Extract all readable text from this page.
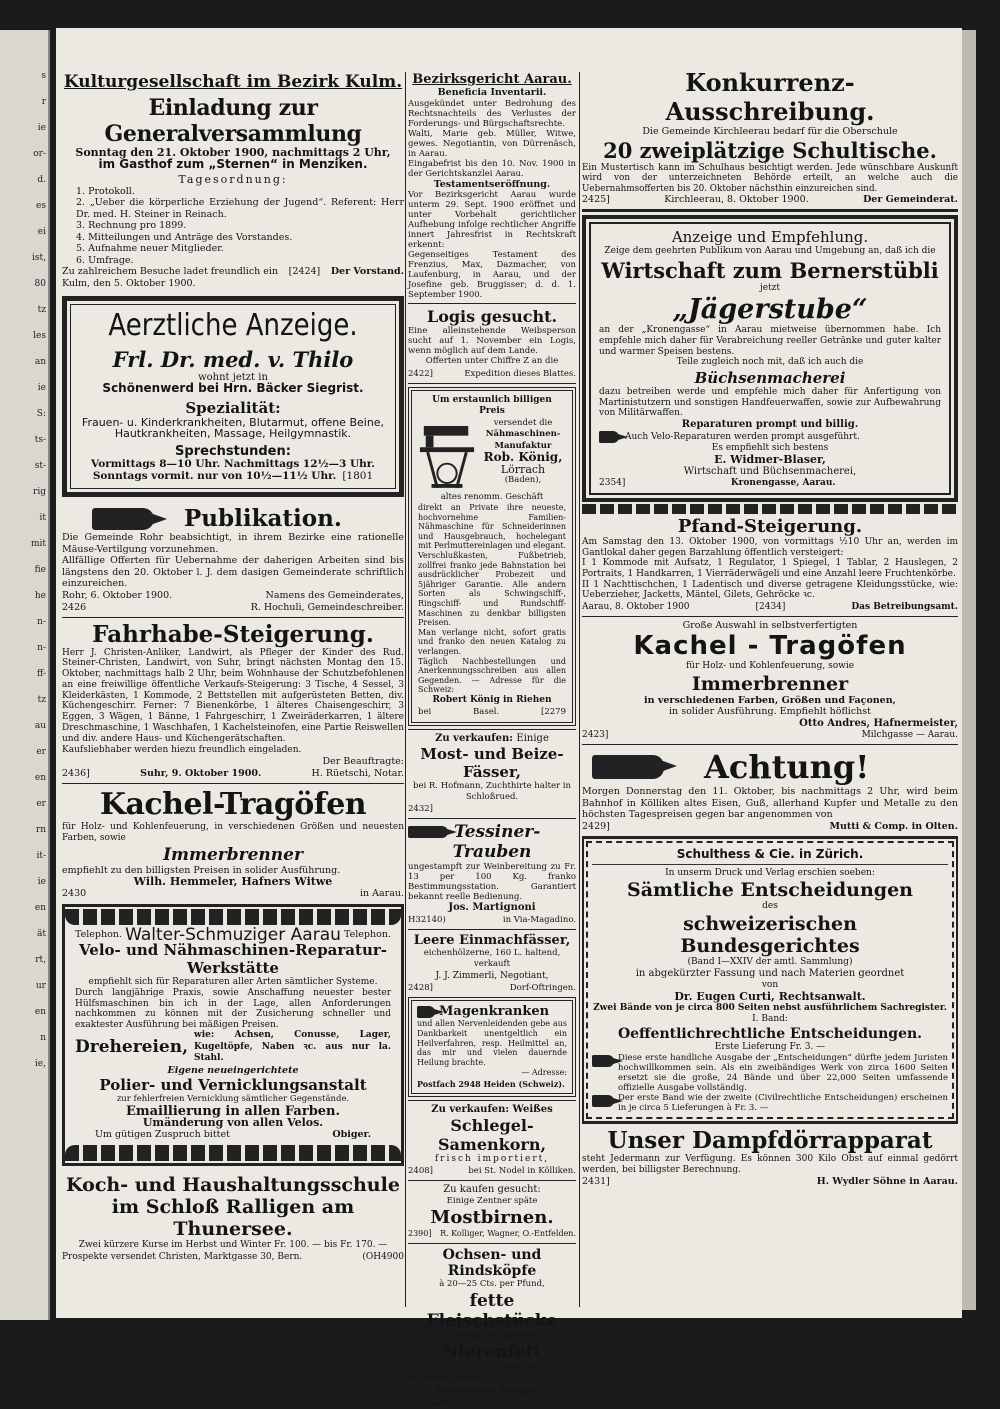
s
r
ie
or-
d.
es
ei
ist,
80
tz
les
an
ie
S:
ts-
st-
rig
it
mit
fie
he
n-
n-
ff-
tz
au
er
en
er
rn
it-
ie
en
ät
rt,
ur
en
n
ie,

Kulturgesellschaft im Bezirk Kulm.

Einladung zur Generalversammlung

Sonntag den 21. Oktober 1900, nachmittags 2 Uhr,

im Gasthof zum „Sternen“ in Menziken.

Tagesordnung:

1. Protokoll.

2. „Ueber die körperliche Erziehung der Jugend“. Referent: Herr Dr. med. H. Steiner in Reinach.

3. Rechnung pro 1899.

4. Mitteilungen und Anträge des Vorstandes.

5. Aufnahme neuer Mitglieder.

6. Umfrage.

Zu zahlreichem Besuche ladet freundlich ein [2424] Der Vorstand.

Kulm, den 5. Oktober 1900.

Aerztliche Anzeige.

Frl. Dr. med. v. Thilo

wohnt jetzt in

Schönenwerd bei Hrn. Bäcker Siegrist.

Spezialität:

Frauen- u. Kinderkrankheiten, Blutarmut, offene Beine,

Hautkrankheiten, Massage, Heilgymnastik.

Sprechstunden:

Vormittags 8—10 Uhr. Nachmittags 12½—3 Uhr.

Sonntags vormit. nur von 10½—11½ Uhr. [1801

Publikation.

Die Gemeinde Rohr beabsichtigt, in ihrem Bezirke eine rationelle Mäuse-Vertilgung vorzunehmen.

Allfällige Offerten für Uebernahme der daherigen Arbeiten sind bis längstens den 20. Oktober l. J. dem dasigen Gemeinderate schriftlich einzureichen.

Rohr, 6. Oktober 1900.	Namens des Gemeinderates,
2426	R. Hochuli, Gemeindeschreiber.

Fahrhabe-Steigerung.

Herr J. Christen-Anliker, Landwirt, als Pfleger der Kinder des Rud. Steiner-Christen, Landwirt, von Suhr, bringt nächsten Montag den 15. Oktober, nachmittags halb 2 Uhr, beim Wohnhause der Schutzbefohlenen an eine freiwillige öffentliche Verkaufs-Steigerung: 3 Tische, 4 Sessel, 3 Kleiderkästen, 1 Kommode, 2 Bettstellen mit aufgerüsteten Betten, div. Küchengeschirr. Ferner: 7 Bienenkörbe, 1 älteres Chaisengeschirr, 3 Eggen, 3 Wägen, 1 Bänne, 1 Fahrgeschirr, 1 Zweiräderkarren, 1 ältere Dreschmaschine, 1 Waschhafen, 1 Kachelsteinofen, eine Partie Reiswellen und div. andere Haus- und Küchengerätschaften.

Kaufsliebhaber werden hiezu freundlich eingeladen.

Der Beauftragte:

2436]	Suhr, 9. Oktober 1900.	H. Rüetschi, Notar.

Kachel-Tragöfen

für Holz- und Kohlenfeuerung, in verschiedenen Größen und neuesten Farben, sowie

Immerbrenner

empfiehlt zu den billigsten Preisen in solider Ausführung.

Wilh. Hemmeler, Hafners Witwe

2430	in Aarau.
Telephon. Walter-Schmuziger Aarau Telephon.

Velo- und Nähmaschinen-Reparatur-Werkstätte

empfiehlt sich für Reparaturen aller Arten sämtlicher Systeme.

Durch langjährige Praxis, sowie Anschaffung neuester bester Hülfsmaschinen bin ich in der Lage, allen Anforderungen nachkommen zu können mit der Zusicherung schneller und exaktester Ausführung bei mäßigen Preisen.

Drehereien,
wie: Achsen, Conusse, Lager, Kugeltöpfe, Naben ꝛc. aus nur la. Stahl.

Eigene neueingerichtete

Polier- und Vernicklungsanstalt

zur fehlerfreien Vernicklung sämtlicher Gegenstände.

Emaillierung in allen Farben.

Umänderung von allen Velos.

Um gütigen Zuspruch bittet	Obiger.

Koch- und Haushaltungsschule

im Schloß Ralligen am Thunersee.

Zwei kürzere Kurse im Herbst und Winter Fr. 100. — bis Fr. 170. —

Prospekte versendet Christen, Marktgasse 30, Bern.	(OH4900

Bezirksgericht Aarau.

Beneficia Inventarii.

Ausgekündet unter Bedrohung des Rechtsnachteils des Verlustes der Forderungs- und Bürgschaftsrechte.

Walti, Marie geb. Müller, Witwe, gewes. Negotiantin, von Dürrenäsch, in Aarau.

Eingabefrist bis den 10. Nov. 1900 in der Gerichtskanzlei Aarau.

Testamentseröffnung.

Vor Bezirksgericht Aarau wurde unterm 29. Sept. 1900 eröffnet und unter Vorbehalt gerichtlicher Aufhebung infolge rechtlicher Angriffe innert Jahresfrist in Rechtskraft erkennt:

Gegenseitiges Testament des Frenzius, Max, Dazmacher, von Laufenburg, in Aarau, und der Josefine geb. Bruggisser; d. d. 1. September 1900.

Logis gesucht.

Eine alleinstehende Weibsperson sucht auf 1. November ein Logis, wenn möglich auf dem Lande.

Offerten unter Chiffre Z an die

2422]	Expedition dieses Blattes.

Um erstaunlich billigen Preis

versendet die

Nähmaschinen-Manufaktur

Rob. König,

Lörrach

(Baden),

altes renomm. Geschäft

direkt an Private ihre neueste, hochvornehme Familien-Nähmaschine für Schneiderinnen und Hausgebrauch, hochelegant mit Perlmuttereinlagen und elegant. Verschlußkasten, Fußbetrieb, zollfrei franko jede Bahnstation bei ausdrücklicher Probezeit und 5jähriger Garantie. Alle andern Sorten als Schwingschiff-, Ringschiff- und Rundschiff-Maschinen zu denkbar billigsten Preisen.

Man verlange nicht, sofort gratis und franko den neuen Katalog zu verlangen.

Täglich Nachbestellungen und Anerkennungsschreiben aus allen Gegenden. — Adresse für die Schweiz:

Robert König in Riehen

bei	Basel.	[2279

Zu verkaufen: Einige

Most- und Beize-Fässer,

bei R. Hofmann, Zuchthirte halter in Schloßrued.

2432]

Tessiner-

Trauben

ungestampft zur Weinbereitung zu Fr. 13 per 100 Kg. franko Bestimmungsstation. Garantiert bekannt reelle Bedienung.

Jos. Martignoni

H32140)	in Via-Magadino.

Leere Einmachfässer,

eichenhölzerne, 160 L. haltend, verkauft

J. J. Zimmerli, Negotiant,

2428]	Dorf-Oftringen.
Magenkranken

und allen Nervenleidenden gebe aus Dankbarkeit unentgeltlich ein Heilverfahren, resp. Heilmittel an, das mir und vielen dauernde Heilung brachte.

— Adresse:

Postfach 2948 Heiden (Schweiz).

Zu verkaufen: Weißes

Schlegel-Samenkorn,

frisch importiert,

2408]	bei St. Nodel in Kölliken.

Zu kaufen gesucht:

Einige Zentner späte

Mostbirnen.

2390] R. Kolliger, Wagner, O.-Entfelden.

Ochsen- und Rindsköpfe

à 20—25 Cts. per Pfund,

fette Fleischstücke

à 40—60 Cts. per Pfd.,

Nierenfett

à 20—50 Cts. per Pfd.

empfiehlt bestens

132] J. Mattenberger, Metzger in Aarau.

Konkurrenz-Ausschreibung.

Die Gemeinde Kirchleerau bedarf für die Oberschule

20 zweiplätzige Schultische.

Ein Mustertisch kann im Schulhaus besichtigt werden. Jede wünschbare Auskunft wird von der unterzeichneten Behörde erteilt, an welche auch die Uebernahmsofferten bis 20. Oktober nächsthin einzureichen sind.

2425]	Kirchleerau, 8. Oktober 1900.	Der Gemeinderat.

Anzeige und Empfehlung.

Zeige dem geehrten Publikum von Aarau und Umgebung an, daß ich die

Wirtschaft zum Bernerstübli

jetzt

„Jägerstube“

an der „Kronengasse“ in Aarau mietweise übernommen habe. Ich empfehle mich daher für Verabreichung reeller Getränke und guter kalter und warmer Speisen bestens.

Teile zugleich noch mit, daß ich auch die

Büchsenmacherei

dazu betreiben werde und empfehle mich daher für Anfertigung von Martinistutzern und sonstigen Handfeuerwaffen, sowie zur Aufbewahrung von Militärwaffen.

Reparaturen prompt und billig.

Auch Velo-Reparaturen werden prompt ausgeführt.

Es empfiehlt sich bestens

E. Widmer-Blaser,

Wirtschaft und Büchsenmacherei,

2354]	Kronengasse, Aarau.

Pfand-Steigerung.

Am Samstag den 13. Oktober 1900, von vormittags ½10 Uhr an, werden im Gantlokal daher gegen Barzahlung öffentlich versteigert:

I 1 Kommode mit Aufsatz, 1 Regulator, 1 Spiegel, 1 Tablar, 2 Hauslegen, 2 Portraits, 1 Handkarren, 1 Vierräderwägeli und eine Anzahl leere Fruchtenkörbe.

II 1 Nachttischchen, 1 Ladentisch und diverse getragene Kleidungsstücke, wie: Ueberzieher, Jacketts, Mäntel, Gilets, Gehröcke ꝛc.

Aarau, 8. Oktober 1900	[2434]	Das Betreibungsamt.

Große Auswahl in selbstverfertigten

Kachel - Tragöfen

für Holz- und Kohlenfeuerung, sowie

Immerbrenner

in verschiedenen Farben, Größen und Façonen,

in solider Ausführung. Empfiehlt höflichst

Otto Andres, Hafnermeister,

2423]	Milchgasse — Aarau.
Achtung!

Morgen Donnerstag den 11. Oktober, bis nachmittags 2 Uhr, wird beim Bahnhof in Kölliken altes Eisen, Guß, allerhand Kupfer und Metalle zu den höchsten Tagespreisen gegen bar angenommen von

2429]	Mutti & Comp. in Olten.

Schulthess & Cie. in Zürich.

In unserm Druck und Verlag erschien soeben:

Sämtliche Entscheidungen

des

schweizerischen Bundesgerichtes

(Band I—XXIV der amtl. Sammlung)

in abgekürzter Fassung und nach Materien geordnet

von

Dr. Eugen Curti, Rechtsanwalt.

Zwei Bände von je circa 800 Seiten nebst ausführlichem Sachregister.

I. Band:

Oeffentlichrechtliche Entscheidungen.

Erste Lieferung Fr. 3. —

Diese erste handliche Ausgabe der „Entscheidungen“ dürfte jedem Juristen hochwillkommen sein. Als ein zweibändiges Werk von zirca 1600 Seiten ersetzt sie die große, 24 Bände und über 22,000 Seiten umfassende offizielle Ausgabe vollständig.

Der erste Band wie der zweite (Civilrechtliche Entscheidungen) erscheinen in je circa 5 Lieferungen à Fr. 3. —

Unser Dampfdörrapparat

steht Jedermann zur Verfügung. Es können 300 Kilo Obst auf einmal gedörrt werden, bei billigster Berechnung.

2431]	H. Wydler Söhne in Aarau.
